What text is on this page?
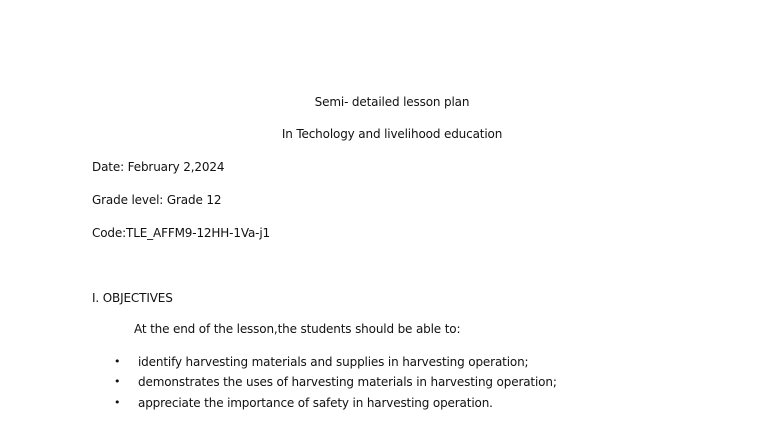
Semi- detailed lesson plan
In Techology and livelihood education
Date: February 2,2024
Grade level: Grade 12
Code:TLE_AFFM9-12HH-1Va-j1
I. OBJECTIVES
At the end of the lesson,the students should be able to:
• identify harvesting materials and supplies in harvesting operation;
• demonstrates the uses of harvesting materials in harvesting operation;
• appreciate the importance of safety in harvesting operation.
